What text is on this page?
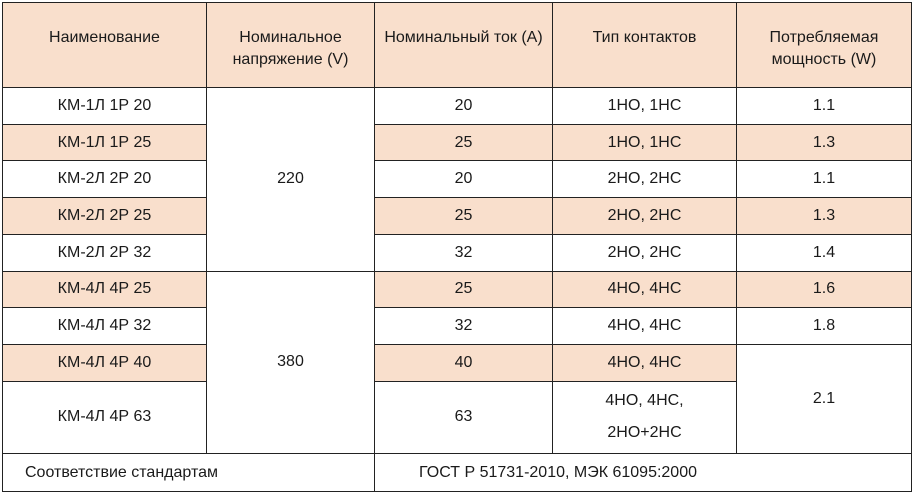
Наименование	Номинальное напряжение (V)	Номинальный ток (A)	Тип контактов	Потребляемая мощность (W)
КМ-1Л 1Р 20	220	20	1НО, 1НС	1.1
КМ-1Л 1Р 25		25	1НО, 1НС	1.3
КМ-2Л 2Р 20		20	2НО, 2НС	1.1
КМ-2Л 2Р 25		25	2НО, 2НС	1.3
КМ-2Л 2Р 32		32	2НО, 2НС	1.4
КМ-4Л 4Р 25	380	25	4НО, 4НС	1.6
КМ-4Л 4Р 32		32	4НО, 4НС	1.8
КМ-4Л 4Р 40		40	4НО, 4НС	2.1
КМ-4Л 4Р 63		63	4НО, 4НС,
2НО+2НС	
Соответствие стандартам		ГОСТ Р 51731-2010, МЭК 61095:2000		
